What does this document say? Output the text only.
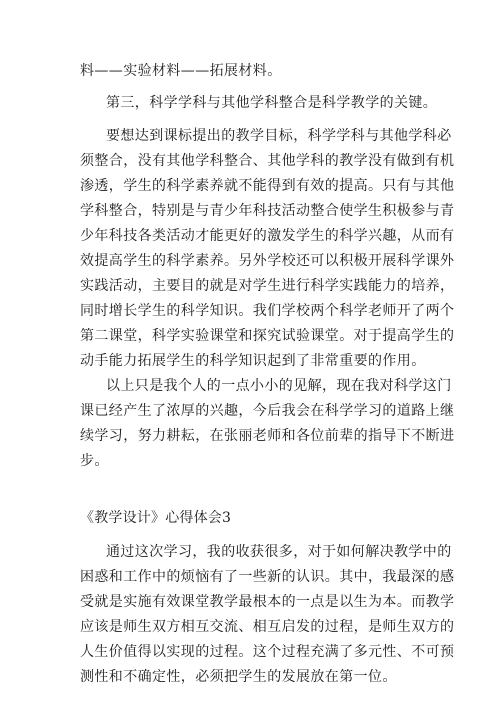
料——实验材料——拓展材料。
第三，科学学科与其他学科整合是科学教学的关键。
要想达到课标提出的教学目标，科学学科与其他学科必
须整合，没有其他学科整合、其他学科的教学没有做到有机
渗透，学生的科学素养就不能得到有效的提高。只有与其他
学科整合，特别是与青少年科技活动整合使学生积极参与青
少年科技各类活动才能更好的激发学生的科学兴趣，从而有
效提高学生的科学素养。另外学校还可以积极开展科学课外
实践活动，主要目的就是对学生进行科学实践能力的培养，
同时增长学生的科学知识。我们学校两个科学老师开了两个
第二课堂，科学实验课堂和探究试验课堂。对于提高学生的
动手能力拓展学生的科学知识起到了非常重要的作用。
以上只是我个人的一点小小的见解，现在我对科学这门
课已经产生了浓厚的兴趣，今后我会在科学学习的道路上继
续学习，努力耕耘，在张丽老师和各位前辈的指导下不断进
步。
《教学设计》心得体会3
通过这次学习，我的收获很多，对于如何解决教学中的
困惑和工作中的烦恼有了一些新的认识。其中，我最深的感
受就是实施有效课堂教学最根本的一点是以生为本。而教学
应该是师生双方相互交流、相互启发的过程，是师生双方的
人生价值得以实现的过程。这个过程充满了多元性、不可预
测性和不确定性，必须把学生的发展放在第一位。
